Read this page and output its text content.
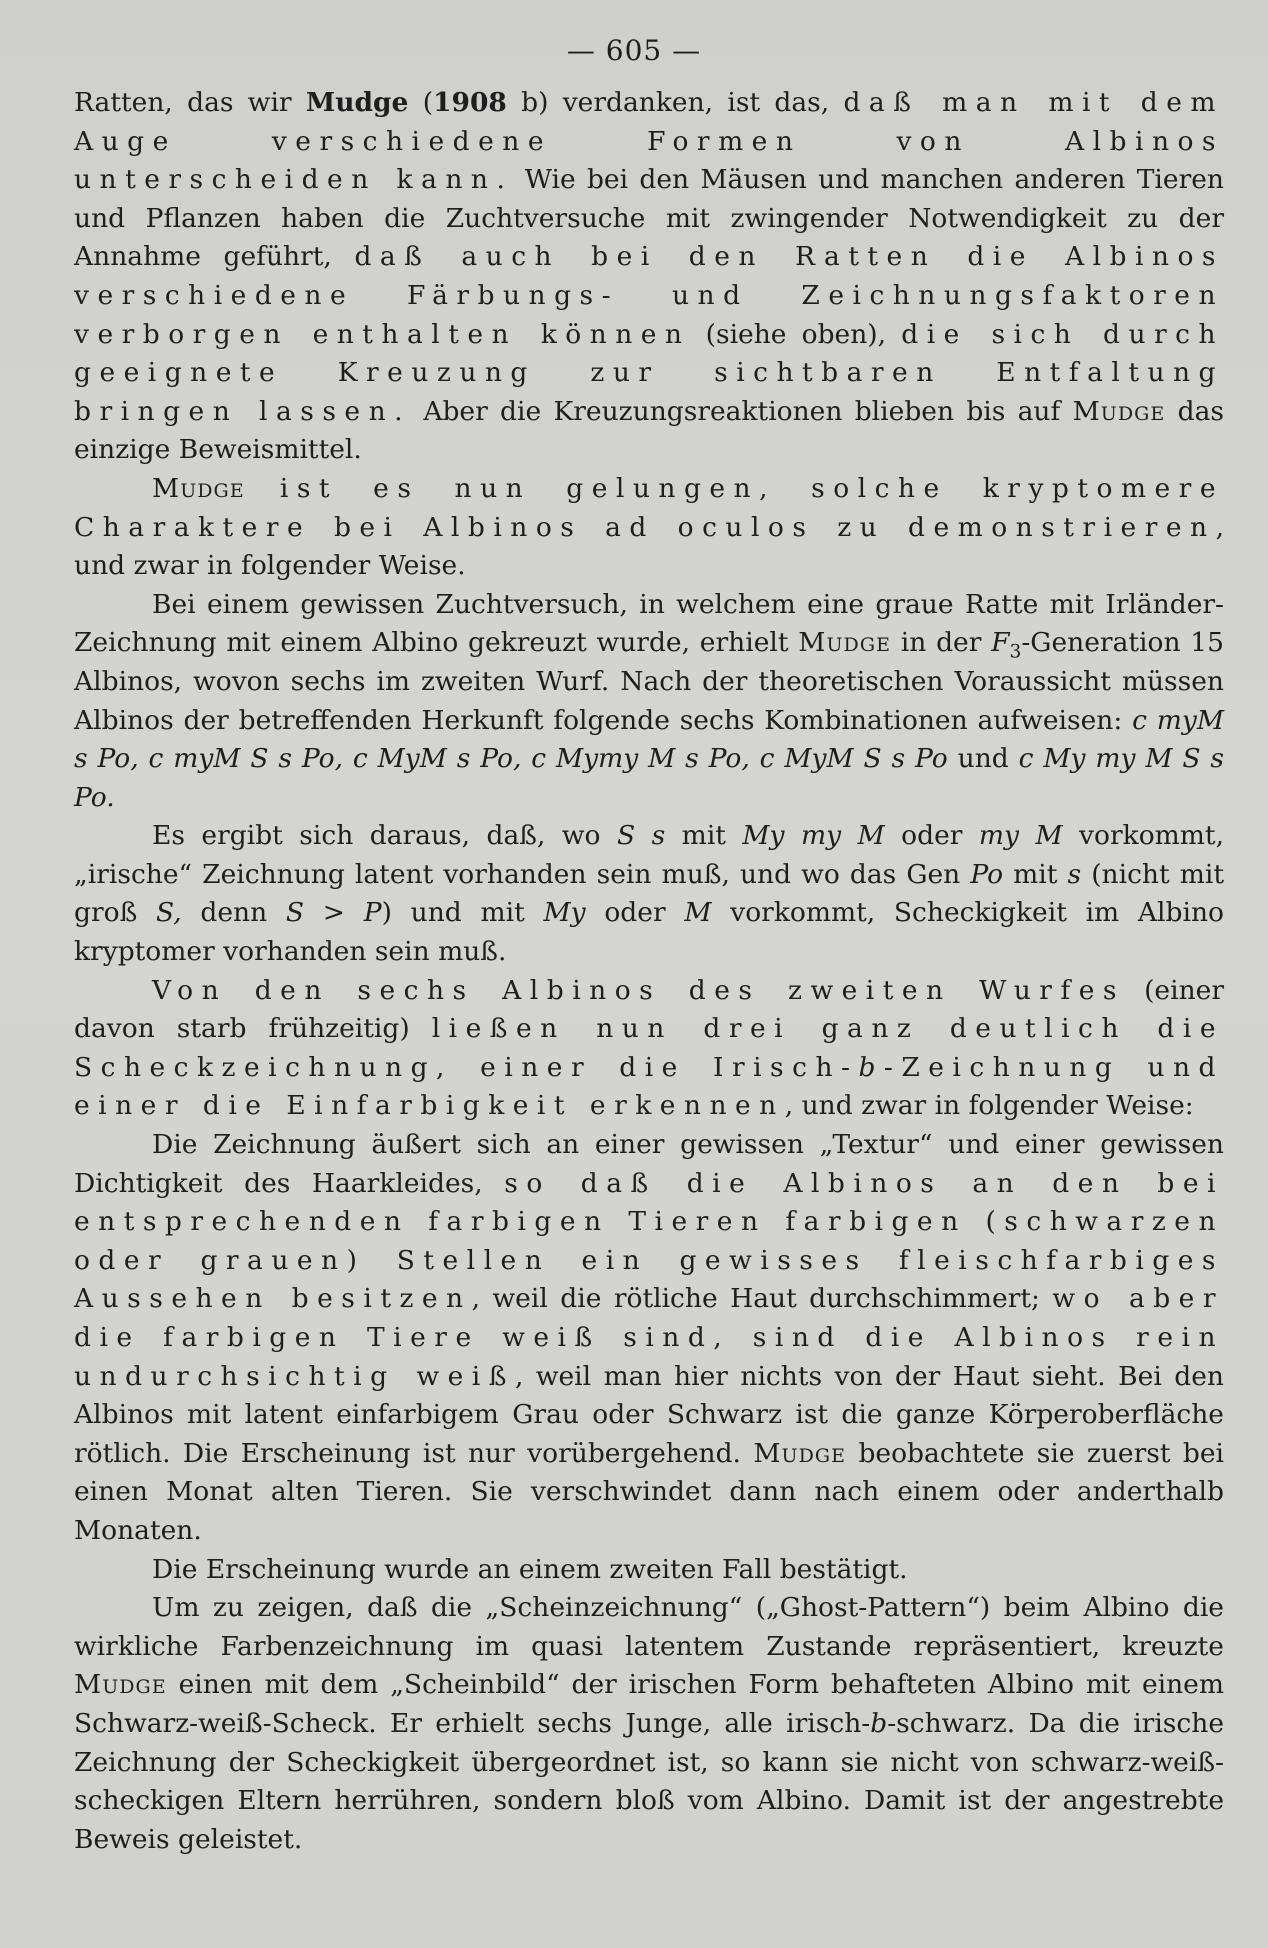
— 605 —

Ratten, das wir Mudge (1908 b) verdanken, ist das, daß man mit dem Auge verschiedene Formen von Albinos unterscheiden kann. Wie bei den Mäusen und manchen anderen Tieren und Pflanzen haben die Zuchtversuche mit zwingender Notwendigkeit zu der Annahme geführt, daß auch bei den Ratten die Albinos verschiedene Färbungs- und Zeichnungsfaktoren verborgen enthalten können (siehe oben), die sich durch geeignete Kreuzung zur sichtbaren Entfaltung bringen lassen. Aber die Kreuzungsreaktionen blieben bis auf Mudge das einzige Beweismittel.

Mudge ist es nun gelungen, solche kryptomere Charaktere bei Albinos ad oculos zu demonstrieren, und zwar in folgender Weise.

Bei einem gewissen Zuchtversuch, in welchem eine graue Ratte mit Irländer-Zeichnung mit einem Albino gekreuzt wurde, erhielt Mudge in der $F_3$-Generation 15 Albinos, wovon sechs im zweiten Wurf. Nach der theoretischen Voraussicht müssen Albinos der betreffenden Herkunft folgende sechs Kombinationen aufweisen: c myM s Po, c myM S s Po, c MyM s Po, c Mymy M s Po, c MyM S s Po und c My my M S s Po.

Es ergibt sich daraus, daß, wo S s mit My my M oder my M vorkommt, „irische“ Zeichnung latent vorhanden sein muß, und wo das Gen Po mit s (nicht mit groß S, denn S > P) und mit My oder M vorkommt, Scheckigkeit im Albino kryptomer vorhanden sein muß.

Von den sechs Albinos des zweiten Wurfes (einer davon starb frühzeitig) ließen nun drei ganz deutlich die Scheckzeichnung, einer die Irisch-b-Zeichnung und einer die Einfarbigkeit erkennen, und zwar in folgender Weise:

Die Zeichnung äußert sich an einer gewissen „Textur“ und einer gewissen Dichtigkeit des Haarkleides, so daß die Albinos an den bei entsprechenden farbigen Tieren farbigen (schwarzen oder grauen) Stellen ein gewisses fleischfarbiges Aussehen besitzen, weil die rötliche Haut durchschimmert; wo aber die farbigen Tiere weiß sind, sind die Albinos rein undurchsichtig weiß, weil man hier nichts von der Haut sieht. Bei den Albinos mit latent einfarbigem Grau oder Schwarz ist die ganze Körperoberfläche rötlich. Die Erscheinung ist nur vorübergehend. Mudge beobachtete sie zuerst bei einen Monat alten Tieren. Sie verschwindet dann nach einem oder anderthalb Monaten.

Die Erscheinung wurde an einem zweiten Fall bestätigt.

Um zu zeigen, daß die „Scheinzeichnung“ („Ghost-Pattern“) beim Albino die wirkliche Farbenzeichnung im quasi latentem Zustande repräsentiert, kreuzte Mudge einen mit dem „Scheinbild“ der irischen Form behafteten Albino mit einem Schwarz-weiß-Scheck. Er erhielt sechs Junge, alle irisch-b-schwarz. Da die irische Zeichnung der Scheckigkeit übergeordnet ist, so kann sie nicht von schwarz-weiß-scheckigen Eltern herrühren, sondern bloß vom Albino. Damit ist der angestrebte Beweis geleistet.
